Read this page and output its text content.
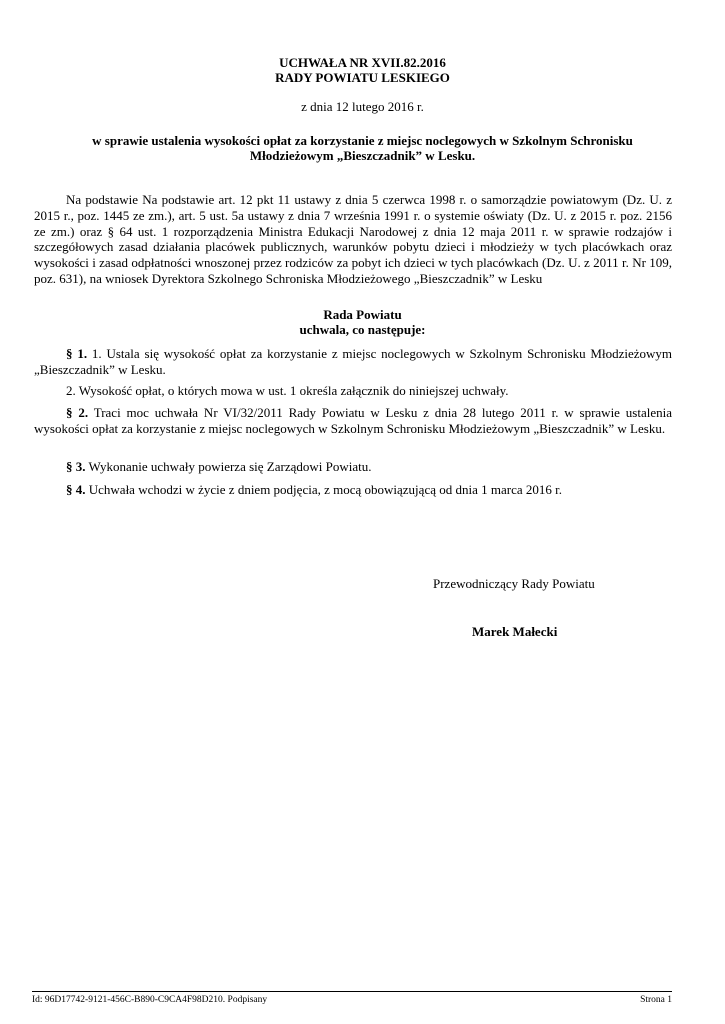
UCHWAŁA NR XVII.82.2016
RADY POWIATU LESKIEGO
z dnia 12 lutego 2016 r.
w sprawie ustalenia wysokości opłat za korzystanie z miejsc noclegowych w Szkolnym Schronisku
Młodzieżowym „Bieszczadnik” w Lesku.
Na podstawie Na podstawie art. 12 pkt 11 ustawy z dnia 5 czerwca 1998 r. o samorządzie powiatowym (Dz. U. z 2015 r., poz. 1445 ze zm.), art. 5 ust. 5a ustawy z dnia 7 września 1991 r. o systemie oświaty (Dz. U. z 2015 r. poz. 2156 ze zm.) oraz § 64 ust. 1 rozporządzenia Ministra Edukacji Narodowej z dnia 12 maja 2011 r. w sprawie rodzajów i szczegółowych zasad działania placówek publicznych, warunków pobytu dzieci i młodzieży w tych placówkach oraz wysokości i zasad odpłatności wnoszonej przez rodziców za pobyt ich dzieci w tych placówkach (Dz. U. z 2011 r. Nr 109, poz. 631), na wniosek Dyrektora Szkolnego Schroniska Młodzieżowego „Bieszczadnik” w Lesku
Rada Powiatu
uchwala, co następuje:
§ 1. 1. Ustala się wysokość opłat za korzystanie z miejsc noclegowych w Szkolnym Schronisku Młodzieżowym „Bieszczadnik” w Lesku.
2. Wysokość opłat, o których mowa w ust. 1 określa załącznik do niniejszej uchwały.
§ 2. Traci moc uchwała Nr VI/32/2011 Rady Powiatu w Lesku z dnia 28 lutego 2011 r. w sprawie ustalenia wysokości opłat za korzystanie z miejsc noclegowych w Szkolnym Schronisku Młodzieżowym „Bieszczadnik” w Lesku.
§ 3. Wykonanie uchwały powierza się Zarządowi Powiatu.
§ 4. Uchwała wchodzi w życie z dniem podjęcia, z mocą obowiązującą od dnia 1 marca 2016 r.
Przewodniczący Rady Powiatu
Marek Małecki
Id: 96D17742-9121-456C-B890-C9CA4F98D210. Podpisany	Strona 1
